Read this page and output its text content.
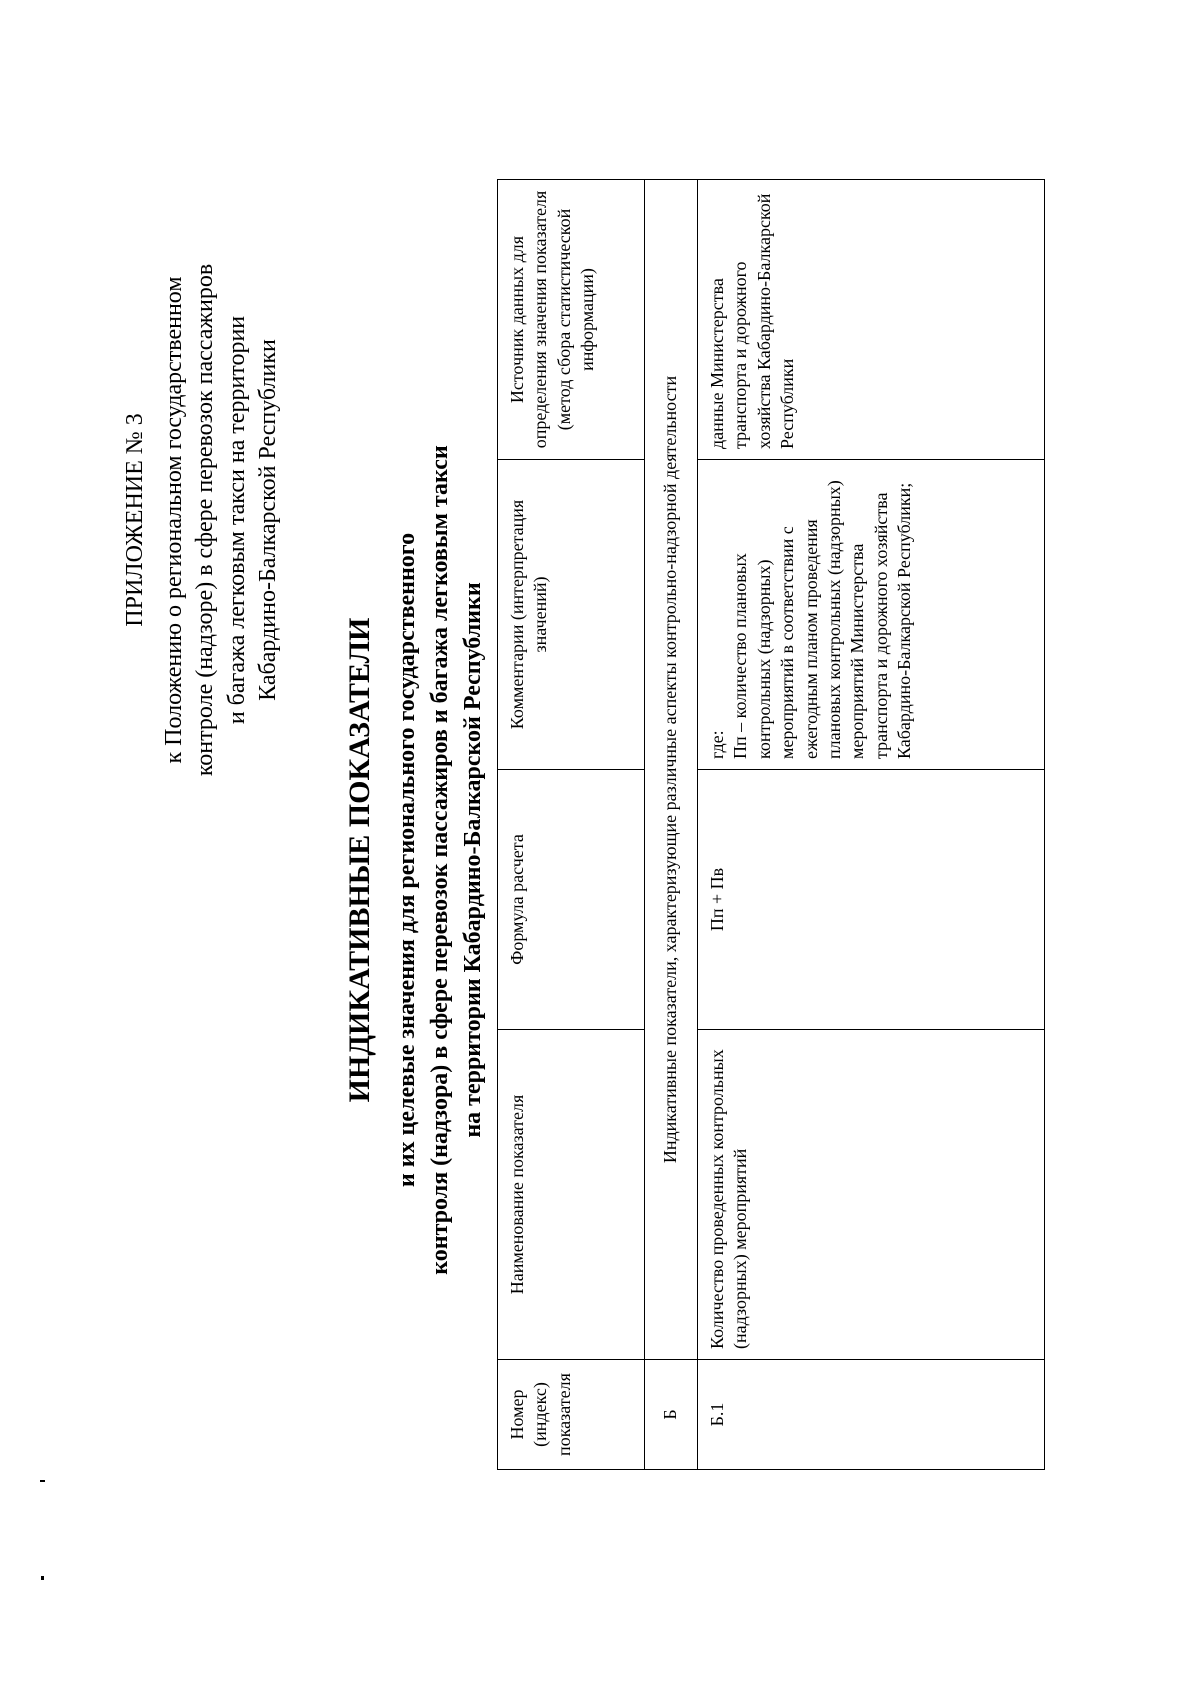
ПРИЛОЖЕНИЕ № 3 к Положению о региональном государственном контроле (надзоре) в сфере перевозок пассажиров и багажа легковым такси на территории Кабардино-Балкарской Республики
ИНДИКАТИВНЫЕ ПОКАЗАТЕЛИ и их целевые значения для регионального государственного контроля (надзора) в сфере перевозок пассажиров и багажа легковым такси на территории Кабардино-Балкарской Республики
Номер (индекс) показателя	Наименование показателя	Формула расчета	Комментарии (интерпретация значений)	Источник данных для определения значения показателя (метод сбора статистической информации)
Б	Индикативные показатели, характеризующие различные аспекты контрольно-надзорной деятельности			
Б.1	Количество проведенных контрольных (надзорных) мероприятий	Пп + Пв	где: Пп – количество плановых контрольных (надзорных) мероприятий в соответствии с ежегодным планом проведения плановых контрольных (надзорных) мероприятий Министерства транспорта и дорожного хозяйства Кабардино-Балкарской Республики;	данные Министерства транспорта и дорожного хозяйства Кабардино-Балкарской Республики
